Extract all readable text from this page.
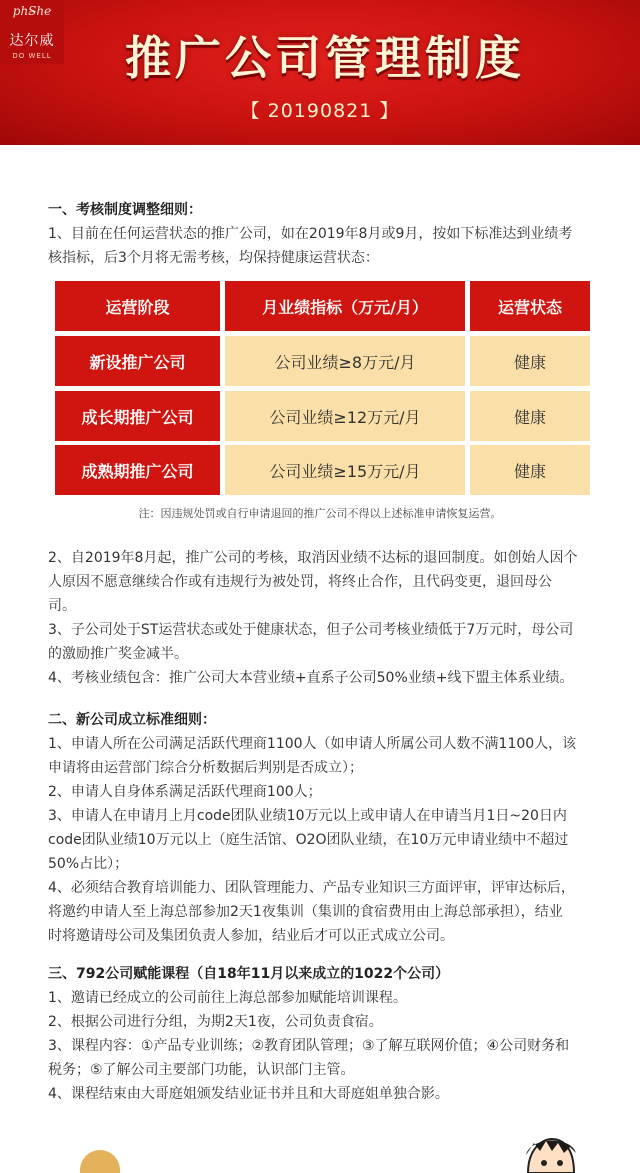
phS̶he
达尔威
DO WELL	推广公司管理制度
【 20190821 】
一、考核制度调整细则：
1、目前在任何运营状态的推广公司，如在2019年8月或9月，按如下标准达到业绩考
核指标，后3个月将无需考核，均保持健康运营状态：
运营阶段	月业绩指标（万元/月）	运营状态
新设推广公司	公司业绩≥8万元/月	健康
成长期推广公司	公司业绩≥12万元/月	健康
成熟期推广公司	公司业绩≥15万元/月	健康
注：因违规处罚或自行申请退回的推广公司不得以上述标准申请恢复运营。
2、自2019年8月起，推广公司的考核，取消因业绩不达标的退回制度。如创始人因个
人原因不愿意继续合作或有违规行为被处罚，将终止合作，且代码变更，退回母公
司。
3、子公司处于ST运营状态或处于健康状态，但子公司考核业绩低于7万元时，母公司
的激励推广奖金减半。
4、考核业绩包含：推广公司大本营业绩+直系子公司50%业绩+线下盟主体系业绩。
二、新公司成立标准细则：
1、申请人所在公司满足活跃代理商1100人（如申请人所属公司人数不满1100人，该
申请将由运营部门综合分析数据后判别是否成立）；
2、申请人自身体系满足活跃代理商100人；
3、申请人在申请月上月code团队业绩10万元以上或申请人在申请当月1日~20日内
code团队业绩10万元以上（庭生活馆、O2O团队业绩，在10万元申请业绩中不超过
50%占比）；
4、必须结合教育培训能力、团队管理能力、产品专业知识三方面评审，评审达标后，
将邀约申请人至上海总部参加2天1夜集训（集训的食宿费用由上海总部承担），结业
时将邀请母公司及集团负责人参加，结业后才可以正式成立公司。
三、792公司赋能课程（自18年11月以来成立的1022个公司）
1、邀请已经成立的公司前往上海总部参加赋能培训课程。
2、根据公司进行分组，为期2天1夜，公司负责食宿。
3、课程内容：①产品专业训练；②教育团队管理；③了解互联网价值；④公司财务和
税务；⑤了解公司主要部门功能，认识部门主管。
4、课程结束由大哥庭姐颁发结业证书并且和大哥庭姐单独合影。
